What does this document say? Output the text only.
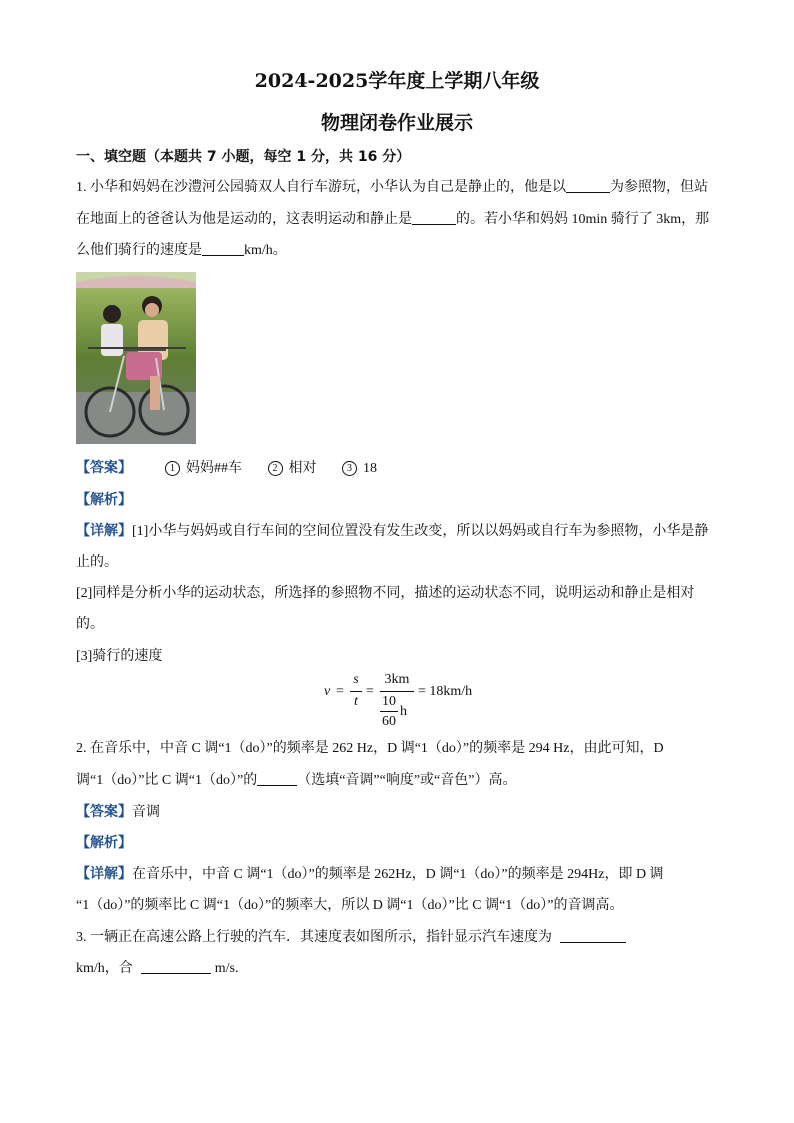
2024-2025学年度上学期八年级
物理闭卷作业展示
一、填空题（本题共 7 小题，每空 1 分，共 16 分）
1. 小华和妈妈在沙澧河公园骑双人自行车游玩，小华认为自己是静止的，他是以	为参照物，但站
在地面上的爸爸认为他是运动的，这表明运动和静止是	的。若小华和妈妈 10min 骑行了 3km，那
么他们骑行的速度是	km/h。
【答案】	1 妈妈##车	2 相对	3 18
【解析】
【详解】[1]小华与妈妈或自行车间的空间位置没有发生改变，所以以妈妈或自行车为参照物，小华是静
止的。
[2]同样是分析小华的运动状态，所选择的参照物不同，描述的运动状态不同，说明运动和静止是相对
的。
[3]骑行的速度
v =
s
t
=
3km
10
60
h
= 18km/h
2. 在音乐中，中音 C 调“1（do）”的频率是 262 Hz，D 调“1（do）”的频率是 294 Hz，由此可知，D
调“1（do）”比 C 调“1（do）”的	（选填“音调”“响度”或“音色”）高。
【答案】音调
【解析】
【详解】在音乐中，中音 C 调“1（do）”的频率是 262Hz，D 调“1（do）”的频率是 294Hz，即 D 调
“1（do）”的频率比 C 调“1（do）”的频率大，所以 D 调“1（do）”比 C 调“1（do）”的音调高。
3. 一辆正在高速公路上行驶的汽车．其速度表如图所示，指针显示汽车速度为
km/h，合	m/s.
